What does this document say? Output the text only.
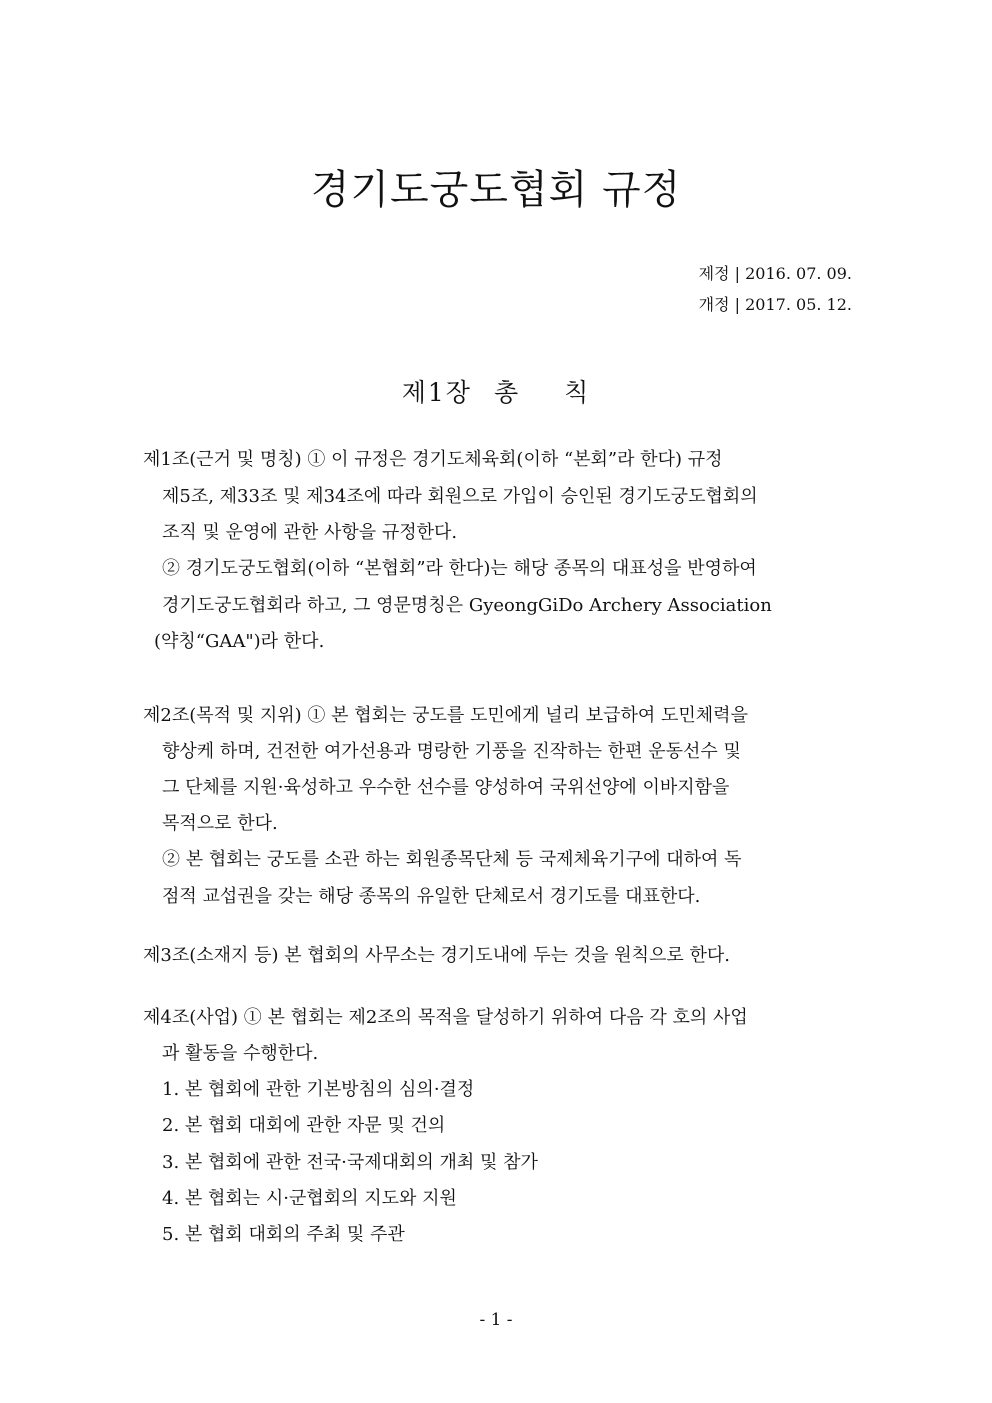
경기도궁도협회 규정
제정 | 2016. 07. 09.
개정 | 2017. 05. 12.
제1장 총 칙
제1조(근거 및 명칭) ① 이 규정은 경기도체육회(이하 “본회”라 한다) 규정
제5조, 제33조 및 제34조에 따라 회원으로 가입이 승인된 경기도궁도협회의
조직 및 운영에 관한 사항을 규정한다.
② 경기도궁도협회(이하 “본협회”라 한다)는 해당 종목의 대표성을 반영하여
경기도궁도협회라 하고, 그 영문명칭은 GyeongGiDo Archery Association
(약칭“GAA")라 한다.
제2조(목적 및 지위) ① 본 협회는 궁도를 도민에게 널리 보급하여 도민체력을
향상케 하며, 건전한 여가선용과 명랑한 기풍을 진작하는 한편 운동선수 및
그 단체를 지원·육성하고 우수한 선수를 양성하여 국위선양에 이바지함을
목적으로 한다.
② 본 협회는 궁도를 소관 하는 회원종목단체 등 국제체육기구에 대하여 독
점적 교섭권을 갖는 해당 종목의 유일한 단체로서 경기도를 대표한다.
제3조(소재지 등) 본 협회의 사무소는 경기도내에 두는 것을 원칙으로 한다.
제4조(사업) ① 본 협회는 제2조의 목적을 달성하기 위하여 다음 각 호의 사업
과 활동을 수행한다.
1. 본 협회에 관한 기본방침의 심의·결정
2. 본 협회 대회에 관한 자문 및 건의
3. 본 협회에 관한 전국·국제대회의 개최 및 참가
4. 본 협회는 시·군협회의 지도와 지원
5. 본 협회 대회의 주최 및 주관
- 1 -
